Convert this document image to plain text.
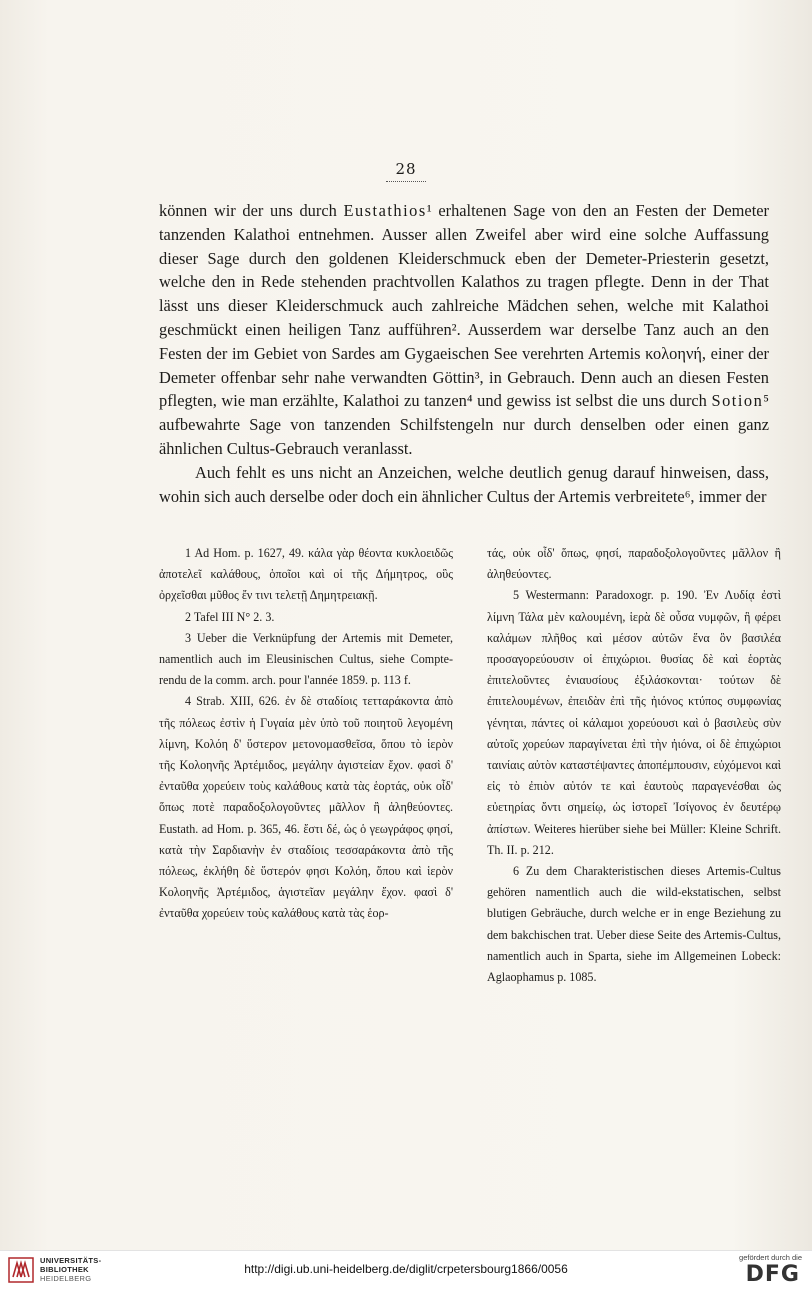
28

können wir der uns durch Eustathios¹ erhaltenen Sage von den an Festen der Demeter tanzenden Kalathoi entnehmen. Ausser allen Zweifel aber wird eine solche Auffassung dieser Sage durch den goldenen Kleiderschmuck eben der Demeter-Priesterin gesetzt, welche den in Rede stehenden prachtvollen Kalathos zu tragen pflegte. Denn in der That lässt uns dieser Kleiderschmuck auch zahlreiche Mädchen sehen, welche mit Kalathoi geschmückt einen heiligen Tanz aufführen². Ausserdem war derselbe Tanz auch an den Festen der im Gebiet von Sardes am Gygaeischen See verehrten Artemis κολοηνή, einer der Demeter offenbar sehr nahe verwandten Göttin³, in Gebrauch. Denn auch an diesen Festen pflegten, wie man erzählte, Kalathoi zu tanzen⁴ und gewiss ist selbst die uns durch Sotion⁵ aufbewahrte Sage von tanzenden Schilfstengeln nur durch denselben oder einen ganz ähnlichen Cultus-Gebrauch veranlasst.

Auch fehlt es uns nicht an Anzeichen, welche deutlich genug darauf hinweisen, dass, wohin sich auch derselbe oder doch ein ähnlicher Cultus der Artemis verbreitete⁶, immer der

1 Ad Hom. p. 1627, 49. κάλα γὰρ θέοντα κυκλοειδῶς ἀποτελεῖ καλάθους, ὁποῖοι καὶ οἱ τῆς Δήμητρος, οὓς ὀρχεῖσθαι μῦθος ἔν τινι τελετῇ Δημητρειακῇ.

2 Tafel III N° 2. 3.

3 Ueber die Verknüpfung der Artemis mit Demeter, namentlich auch im Eleusinischen Cultus, siehe Compte-rendu de la comm. arch. pour l'année 1859. p. 113 f.

4 Strab. XIII, 626. ἐν δὲ σταδίοις τετταράκοντα ἀπὸ τῆς πόλεως ἐστὶν ἡ Γυγαία μὲν ὑπὸ τοῦ ποιητοῦ λεγομένη λίμνη, Κολόη δ' ὕστερον μετονομασθεῖσα, ὅπου τὸ ἱερὸν τῆς Κολοηνῆς Ἀρτέμιδος, μεγάλην ἁγιστείαν ἔχον. φασὶ δ' ἐνταῦθα χορεύειν τοὺς καλάθους κατὰ τὰς ἑορτάς, οὐκ οἶδ' ὅπως ποτὲ παραδοξολογοῦντες μᾶλλον ἢ ἀληθεύοντες. Eustath. ad Hom. p. 365, 46. ἔστι δέ, ὡς ὁ γεωγράφος φησί, κατὰ τὴν Σαρδιανὴν ἐν σταδίοις τεσσαράκοντα ἀπὸ τῆς πόλεως, ἐκλήθη δὲ ὕστερόν φησι Κολόη, ὅπου καὶ ἱερὸν Κολοηνῆς Ἀρτέμιδος, ἁγιστεῖαν μεγάλην ἔχον. φασὶ δ' ἐνταῦθα χορεύειν τοὺς καλάθους κατὰ τὰς ἑορ-

τάς, οὐκ οἶδ' ὅπως, φησί, παραδοξολογοῦντες μᾶλλον ἢ ἀληθεύοντες.

5 Westermann: Paradoxogr. p. 190. Ἐν Λυδίᾳ ἐστὶ λίμνη Τάλα μὲν καλουμένη, ἱερὰ δὲ οὖσα νυμφῶν, ἣ φέρει καλάμων πλῆθος καὶ μέσον αὐτῶν ἕνα ὃν βασιλέα προσαγορεύουσιν οἱ ἐπιχώριοι. θυσίας δὲ καὶ ἑορτὰς ἐπιτελοῦντες ἐνιαυσίους ἐξιλάσκονται· τούτων δὲ ἐπιτελουμένων, ἐπειδὰν ἐπὶ τῆς ἠιόνος κτύπος συμφωνίας γένηται, πάντες οἱ κάλαμοι χορεύουσι καὶ ὁ βασιλεὺς σὺν αὐτοῖς χορεύων παραγίνεται ἐπὶ τὴν ἠιόνα, οἱ δὲ ἐπιχώριοι ταινίαις αὐτὸν καταστέψαντες ἀποπέμπουσιν, εὐχόμενοι καὶ εἰς τὸ ἐπιὸν αὐτόν τε καὶ ἑαυτοὺς παραγενέσθαι ὡς εὐετηρίας ὄντι σημείῳ, ὡς ἱστορεῖ Ἰσίγονος ἐν δευτέρῳ ἀπίστων. Weiteres hierüber siehe bei Müller: Kleine Schrift. Th. II. p. 212.

6 Zu dem Charakteristischen dieses Artemis-Cultus gehören namentlich auch die wild-ekstatischen, selbst blutigen Gebräuche, durch welche er in enge Beziehung zu dem bakchischen trat. Ueber diese Seite des Artemis-Cultus, namentlich auch in Sparta, siehe im Allgemeinen Lobeck: Aglaophamus p. 1085.

UNIVERSITÄTS-
BIBLIOTHEK
HEIDELBERG
http://digi.ub.uni-heidelberg.de/diglit/crpetersbourg1866/0056
gefördert durch die
DFG
